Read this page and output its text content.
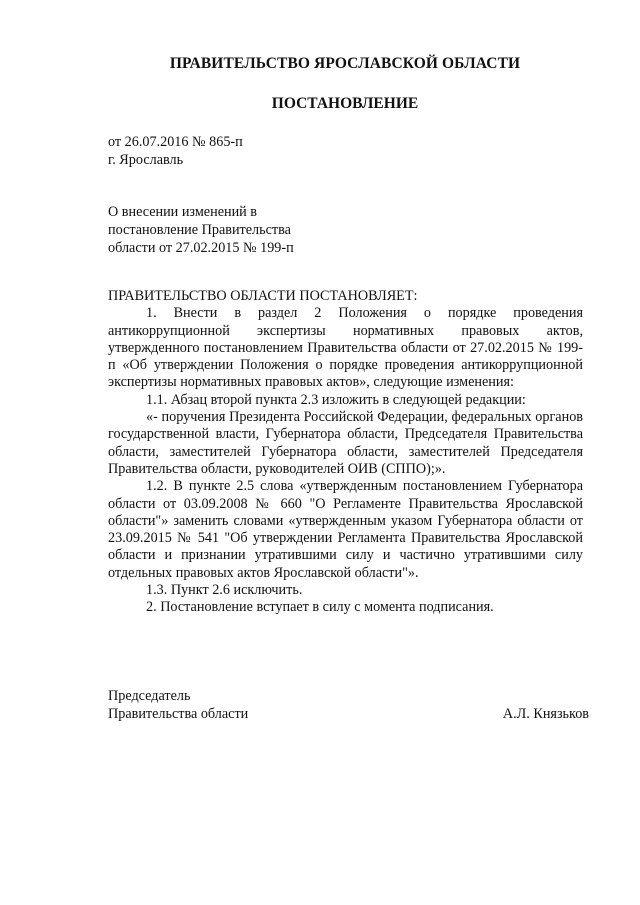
ПРАВИТЕЛЬСТВО ЯРОСЛАВСКОЙ ОБЛАСТИ
ПОСТАНОВЛЕНИЕ
от 26.07.2016 № 865-п
г. Ярославль
О внесении изменений в
постановление Правительства
области от 27.02.2015 № 199-п

ПРАВИТЕЛЬСТВО ОБЛАСТИ ПОСТАНОВЛЯЕТ:

1. Внести в раздел 2 Положения о порядке проведения антикоррупционной экспертизы нормативных правовых актов, утвержденного постановлением Правительства области от 27.02.2015 № 199-п «Об утверждении Положения о порядке проведения антикоррупционной экспертизы нормативных правовых актов», следующие изменения:

1.1. Абзац второй пункта 2.3 изложить в следующей редакции:

«- поручения Президента Российской Федерации, федеральных органов государственной власти, Губернатора области, Председателя Правительства области, заместителей Губернатора области, заместителей Председателя Правительства области, руководителей ОИВ (СППО);».

1.2. В пункте 2.5 слова «утвержденным постановлением Губернатора области от 03.09.2008 № 660 "О Регламенте Правительства Ярославской области"» заменить словами «утвержденным указом Губернатора области от 23.09.2015 № 541 "Об утверждении Регламента Правительства Ярославской области и признании утратившими силу и частично утратившими силу отдельных правовых актов Ярославской области"».

1.3. Пункт 2.6 исключить.

2. Постановление вступает в силу с момента подписания.

Председатель
Правительства области	А.Л. Князьков
